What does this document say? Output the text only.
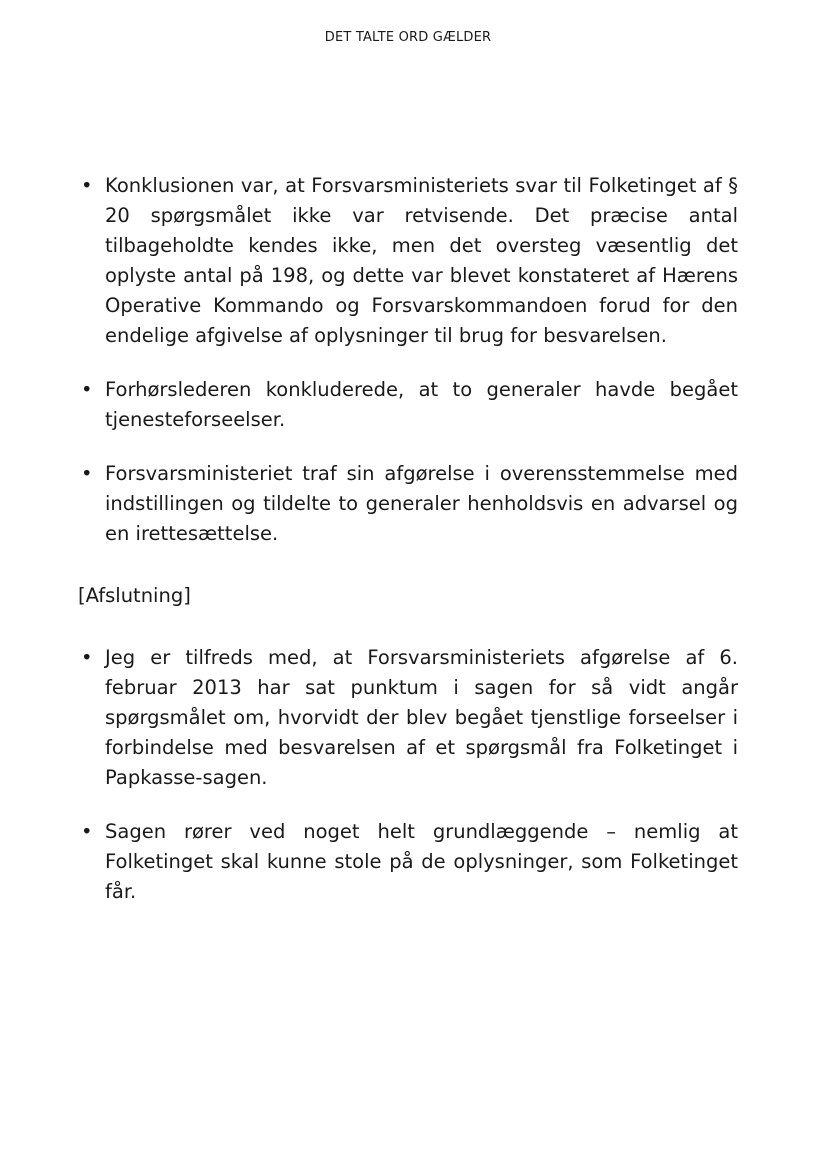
DET TALTE ORD GÆLDER
• Konklusionen var, at Forsvarsministeriets svar til Folketinget af § 20 spørgsmålet ikke var retvisende. Det præcise antal tilbageholdte kendes ikke, men det oversteg væsentlig det oplyste antal på 198, og dette var blevet konstateret af Hærens Operative Kommando og Forsvarskommandoen forud for den endelige afgivelse af oplysninger til brug for besvarelsen.
• Forhørslederen konkluderede, at to generaler havde begået tjenesteforseelser.
• Forsvarsministeriet traf sin afgørelse i overensstemmelse med indstillingen og tildelte to generaler henholdsvis en advarsel og en irettesættelse.

[Afslutning]

• Jeg er tilfreds med, at Forsvarsministeriets afgørelse af 6. februar 2013 har sat punktum i sagen for så vidt angår spørgsmålet om, hvorvidt der blev begået tjenstlige forseelser i forbindelse med besvarelsen af et spørgsmål fra Folketinget i Papkasse-sagen.
• Sagen rører ved noget helt grundlæggende – nemlig at Folketinget skal kunne stole på de oplysninger, som Folketinget får.
